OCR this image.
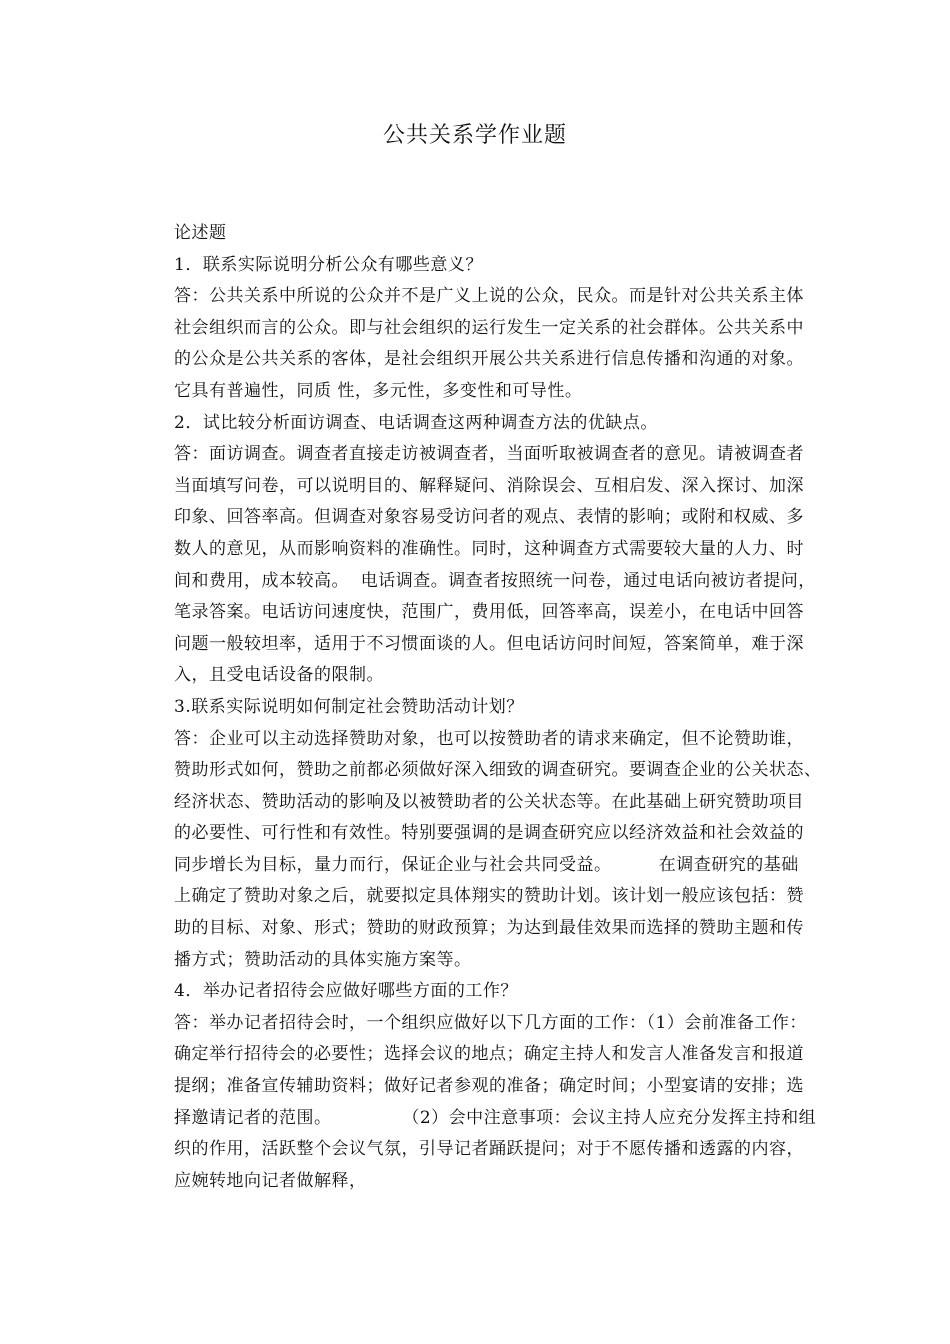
公共关系学作业题
论述题
1．联系实际说明分析公众有哪些意义？
答：公共关系中所说的公众并不是广义上说的公众，民众。而是针对公共关系主体
社会组织而言的公众。即与社会组织的运行发生一定关系的社会群体。公共关系中
的公众是公共关系的客体，是社会组织开展公共关系进行信息传播和沟通的对象。
它具有普遍性，同质 性，多元性，多变性和可导性。
2．试比较分析面访调查、电话调查这两种调查方法的优缺点。
答：面访调查。调查者直接走访被调查者，当面听取被调查者的意见。请被调查者
当面填写问卷，可以说明目的、解释疑问、消除误会、互相启发、深入探讨、加深
印象、回答率高。但调查对象容易受访问者的观点、表情的影响；或附和权威、多
数人的意见，从而影响资料的准确性。同时，这种调查方式需要较大量的人力、时
间和费用，成本较高。  电话调查。调查者按照统一问卷，通过电话向被访者提问，
笔录答案。电话访问速度快，范围广，费用低，回答率高，误差小，在电话中回答
问题一般较坦率，适用于不习惯面谈的人。但电话访问时间短，答案简单，难于深
入，且受电话设备的限制。
3.联系实际说明如何制定社会赞助活动计划？
答：企业可以主动选择赞助对象，也可以按赞助者的请求来确定，但不论赞助谁，
赞助形式如何，赞助之前都必须做好深入细致的调查研究。要调查企业的公关状态、
经济状态、赞助活动的影响及以被赞助者的公关状态等。在此基础上研究赞助项目
的必要性、可行性和有效性。特别要强调的是调查研究应以经济效益和社会效益的
同步增长为目标，量力而行，保证企业与社会共同受益。        在调查研究的基础
上确定了赞助对象之后，就要拟定具体翔实的赞助计划。该计划一般应该包括：赞
助的目标、对象、形式；赞助的财政预算；为达到最佳效果而选择的赞助主题和传
播方式；赞助活动的具体实施方案等。
4．举办记者招待会应做好哪些方面的工作？
答：举办记者招待会时，一个组织应做好以下几方面的工作：（1）会前准备工作：
确定举行招待会的必要性；选择会议的地点；确定主持人和发言人准备发言和报道
提纲；准备宣传辅助资料；做好记者参观的准备；确定时间；小型宴请的安排；选
择邀请记者的范围。            （2）会中注意事项：会议主持人应充分发挥主持和组
织的作用，活跃整个会议气氛，引导记者踊跃提问；对于不愿传播和透露的内容，
应婉转地向记者做解释，
